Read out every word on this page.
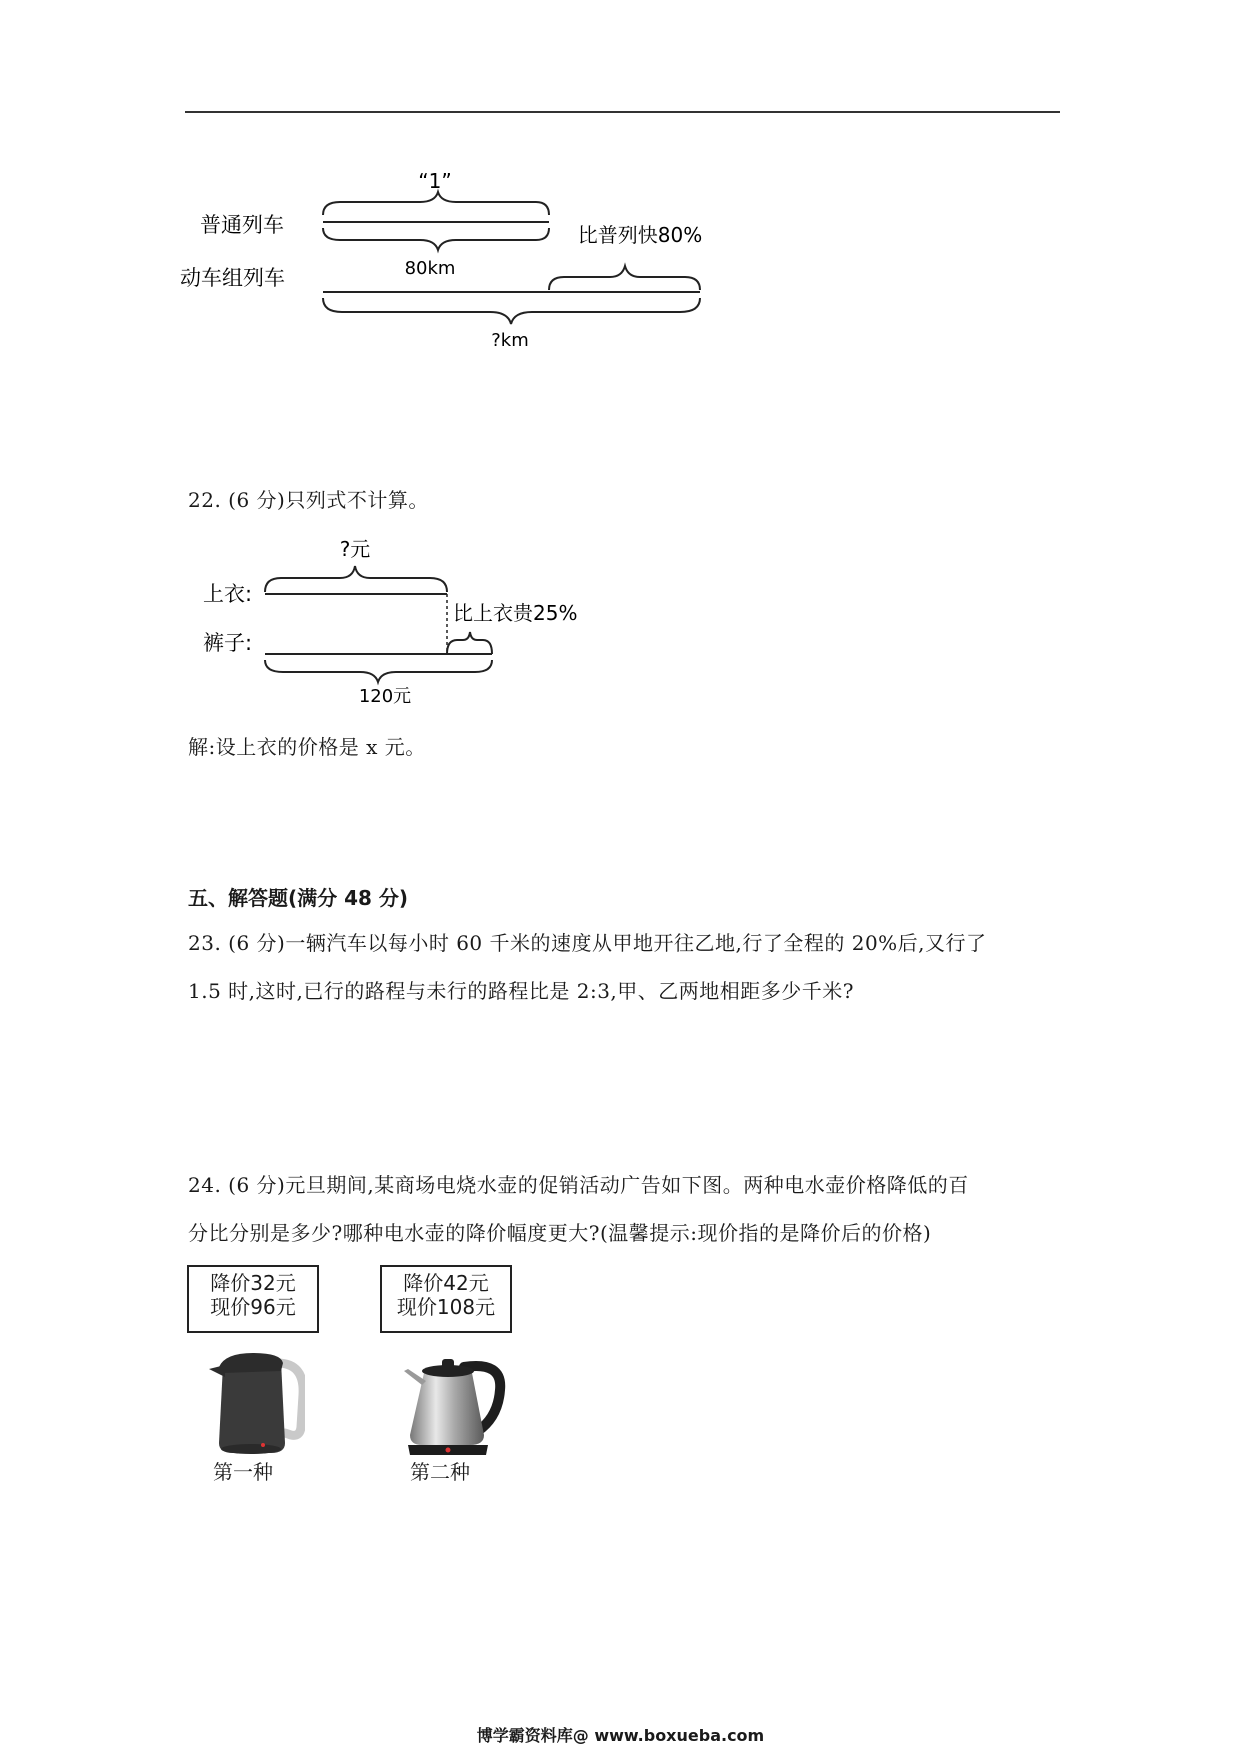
“1”
普通列车
80km
比普列快80%
动车组列车
?km
22. (6 分)只列式不计算。
?元
上衣:
比上衣贵25%
裤子:
120元
解:设上衣的价格是 x 元。
五、解答题(满分 48 分)
23. (6 分)一辆汽车以每小时 60 千米的速度从甲地开往乙地,行了全程的 20%后,又行了
1.5 时,这时,已行的路程与未行的路程比是 2:3,甲、乙两地相距多少千米?
24. (6 分)元旦期间,某商场电烧水壶的促销活动广告如下图。两种电水壶价格降低的百
分比分别是多少?哪种电水壶的降价幅度更大?(温馨提示:现价指的是降价后的价格)
降价32元
现价96元
第一种
降价42元
现价108元
第二种
博学霸资料库@ www.boxueba.com
